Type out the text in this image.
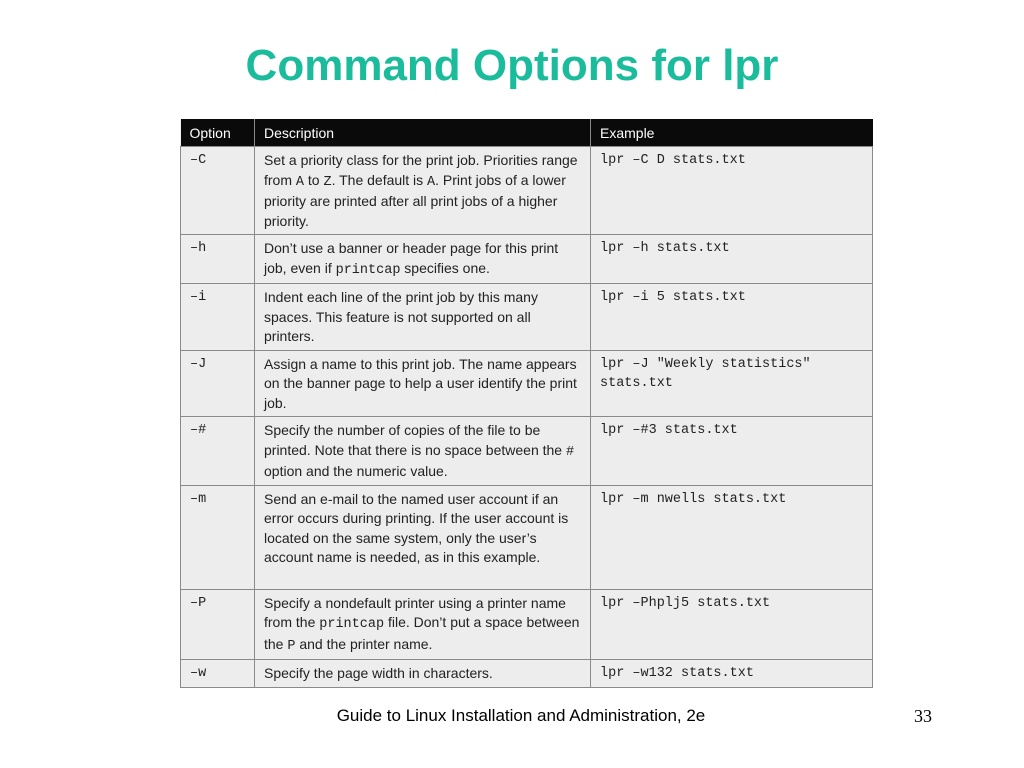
Command Options for lpr
Option	Description	Example
–C	Set a priority class for the print job. Priorities range from A to Z. The default is A. Print jobs of a lower priority are printed after all print jobs of a higher priority.	lpr –C D stats.txt
–h	Don’t use a banner or header page for this print job, even if printcap specifies one.	lpr –h stats.txt
–i	Indent each line of the print job by this many spaces. This feature is not supported on all printers.	lpr –i 5 stats.txt
–J	Assign a name to this print job. The name appears on the banner page to help a user identify the print job.	lpr –J "Weekly statistics" stats.txt
–#	Specify the number of copies of the file to be printed. Note that there is no space between the # option and the numeric value.	lpr –#3 stats.txt
–m	Send an e-mail to the named user account if an error occurs during printing. If the user account is located on the same system, only the user’s account name is needed, as in this example.	lpr –m nwells stats.txt
–P	Specify a nondefault printer using a printer name from the printcap file. Don’t put a space between the P and the printer name.	lpr –Phplj5 stats.txt
–w	Specify the page width in characters.	lpr –w132 stats.txt
Guide to Linux Installation and Administration, 2e	33
